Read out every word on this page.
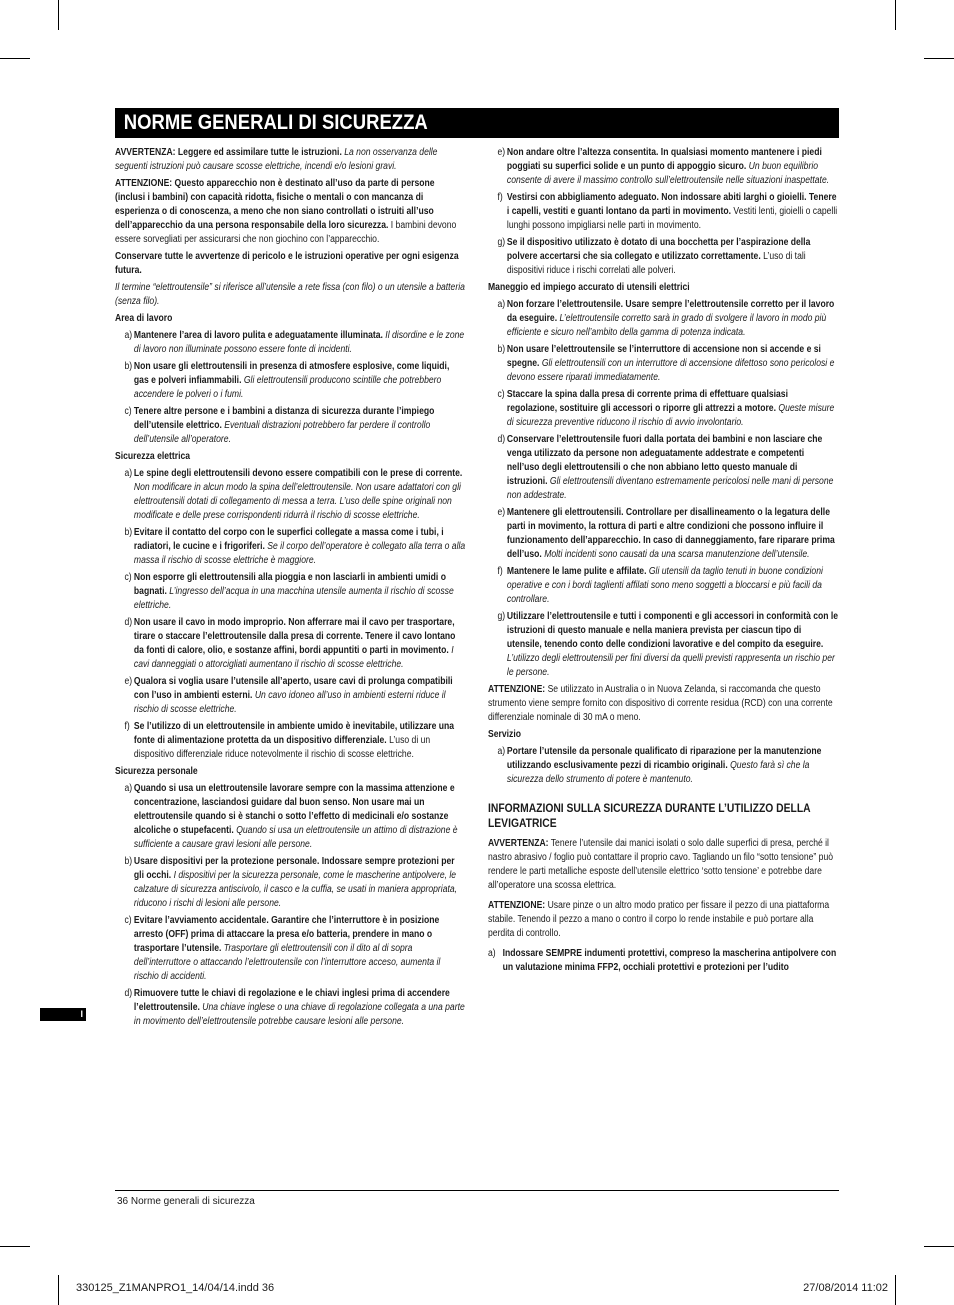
NORME GENERALI DI SICUREZZA

AVVERTENZA: Leggere ed assimilare tutte le istruzioni. La non osservanza delle seguenti istruzioni può causare scosse elettriche, incendi e/o lesioni gravi.

ATTENZIONE: Questo apparecchio non è destinato all’uso da parte di persone (inclusi i bambini) con capacità ridotta, fisiche o mentali o con mancanza di esperienza o di conoscenza, a meno che non siano controllati o istruiti all’uso dell’apparecchio da una persona responsabile della loro sicurezza. I bambini devono essere sorvegliati per assicurarsi che non giochino con l’apparecchio.

Conservare tutte le avvertenze di pericolo e le istruzioni operative per ogni esigenza futura.

Il termine “elettroutensile” si riferisce all’utensile a rete fissa (con filo) o un utensile a batteria (senza filo).

Area di lavoro
a) Mantenere l’area di lavoro pulita e adeguatamente illuminata. Il disordine e le zone di lavoro non illuminate possono essere fonte di incidenti.
b) Non usare gli elettroutensili in presenza di atmosfere esplosive, come liquidi, gas e polveri infiammabili. Gli elettroutensili producono scintille che potrebbero accendere le polveri o i fumi.
c) Tenere altre persone e i bambini a distanza di sicurezza durante l’impiego dell’utensile elettrico. Eventuali distrazioni potrebbero far perdere il controllo dell’utensile all’operatore.
Sicurezza elettrica
a) Le spine degli elettroutensili devono essere compatibili con le prese di corrente. Non modificare in alcun modo la spina dell’elettroutensile. Non usare adattatori con gli elettroutensili dotati di collegamento di messa a terra. L’uso delle spine originali non modificate e delle prese corrispondenti ridurrà il rischio di scosse elettriche.
b) Evitare il contatto del corpo con le superfici collegate a massa come i tubi, i radiatori, le cucine e i frigoriferi. Se il corpo dell’operatore è collegato alla terra o alla massa il rischio di scosse elettriche è maggiore.
c) Non esporre gli elettroutensili alla pioggia e non lasciarli in ambienti umidi o bagnati. L’ingresso dell’acqua in una macchina utensile aumenta il rischio di scosse elettriche.
d) Non usare il cavo in modo improprio. Non afferrare mai il cavo per trasportare, tirare o staccare l’elettroutensile dalla presa di corrente. Tenere il cavo lontano da fonti di calore, olio, e sostanze affini, bordi appuntiti o parti in movimento. I cavi danneggiati o attorcigliati aumentano il rischio di scosse elettriche.
e) Qualora si voglia usare l’utensile all’aperto, usare cavi di prolunga compatibili con l’uso in ambienti esterni. Un cavo idoneo all’uso in ambienti esterni riduce il rischio di scosse elettriche.
f) Se l’utilizzo di un elettroutensile in ambiente umido è inevitabile, utilizzare una fonte di alimentazione protetta da un dispositivo differenziale. L’uso di un dispositivo differenziale riduce notevolmente il rischio di scosse elettriche.
Sicurezza personale
a) Quando si usa un elettroutensile lavorare sempre con la massima attenzione e concentrazione, lasciandosi guidare dal buon senso. Non usare mai un elettroutensile quando si è stanchi o sotto l’effetto di medicinali e/o sostanze alcoliche o stupefacenti. Quando si usa un elettroutensile un attimo di distrazione è sufficiente a causare gravi lesioni alle persone.
b) Usare dispositivi per la protezione personale. Indossare sempre protezioni per gli occhi. I dispositivi per la sicurezza personale, come le mascherine antipolvere, le calzature di sicurezza antiscivolo, il casco e la cuffia, se usati in maniera appropriata, riducono i rischi di lesioni alle persone.
c) Evitare l’avviamento accidentale. Garantire che l’interruttore è in posizione arresto (OFF) prima di attaccare la presa e/o batteria, prendere in mano o trasportare l’utensile. Trasportare gli elettroutensili con il dito al di sopra dell’interruttore o attaccando l’elettroutensile con l’interruttore acceso, aumenta il rischio di accidenti.
d) Rimuovere tutte le chiavi di regolazione e le chiavi inglesi prima di accendere l’elettroutensile. Una chiave inglese o una chiave di regolazione collegata a una parte in movimento dell’elettroutensile potrebbe causare lesioni alle persone.
e) Non andare oltre l’altezza consentita. In qualsiasi momento mantenere i piedi poggiati su superfici solide e un punto di appoggio sicuro. Un buon equilibrio consente di avere il massimo controllo sull’elettroutensile nelle situazioni inaspettate.
f) Vestirsi con abbigliamento adeguato. Non indossare abiti larghi o gioielli. Tenere i capelli, vestiti e guanti lontano da parti in movimento. Vestiti lenti, gioielli o capelli lunghi possono impigliarsi nelle parti in movimento.
g) Se il dispositivo utilizzato è dotato di una bocchetta per l’aspirazione della polvere accertarsi che sia collegato e utilizzato correttamente. L’uso di tali dispositivi riduce i rischi correlati alle polveri.
Maneggio ed impiego accurato di utensili elettrici
a) Non forzare l’elettroutensile. Usare sempre l’elettroutensile corretto per il lavoro da eseguire. L’elettroutensile corretto sarà in grado di svolgere il lavoro in modo più efficiente e sicuro nell’ambito della gamma di potenza indicata.
b) Non usare l’elettroutensile se l’interruttore di accensione non si accende e si spegne. Gli elettroutensili con un interruttore di accensione difettoso sono pericolosi e devono essere riparati immediatamente.
c) Staccare la spina dalla presa di corrente prima di effettuare qualsiasi regolazione, sostituire gli accessori o riporre gli attrezzi a motore. Queste misure di sicurezza preventive riducono il rischio di avvio involontario.
d) Conservare l’elettroutensile fuori dalla portata dei bambini e non lasciare che venga utilizzato da persone non adeguatamente addestrate e competenti nell’uso degli elettroutensili o che non abbiano letto questo manuale di istruzioni. Gli elettroutensili diventano estremamente pericolosi nelle mani di persone non addestrate.
e) Mantenere gli elettroutensili. Controllare per disallineamento o la legatura delle parti in movimento, la rottura di parti e altre condizioni che possono influire il funzionamento dell’apparecchio. In caso di danneggiamento, fare riparare prima dell’uso. Molti incidenti sono causati da una scarsa manutenzione dell’utensile.
f) Mantenere le lame pulite e affilate. Gli utensili da taglio tenuti in buone condizioni operative e con i bordi taglienti affilati sono meno soggetti a bloccarsi e più facili da controllare.
g) Utilizzare l’elettroutensile e tutti i componenti e gli accessori in conformità con le istruzioni di questo manuale e nella maniera prevista per ciascun tipo di utensile, tenendo conto delle condizioni lavorative e del compito da eseguire. L’utilizzo degli elettroutensili per fini diversi da quelli previsti rappresenta un rischio per le persone.

ATTENZIONE: Se utilizzato in Australia o in Nuova Zelanda, si raccomanda che questo strumento viene sempre fornito con dispositivo di corrente residua (RCD) con una corrente differenziale nominale di 30 mA o meno.

Servizio
a) Portare l’utensile da personale qualificato di riparazione per la manutenzione utilizzando esclusivamente pezzi di ricambio originali. Questo farà sì che la sicurezza dello strumento di potere è mantenuto.
INFORMAZIONI SULLA SICUREZZA DURANTE L’UTILIZZO DELLA LEVIGATRICE

AVVERTENZA: Tenere l’utensile dai manici isolati o solo dalle superfici di presa, perché il nastro abrasivo / foglio può contattare il proprio cavo. Tagliando un filo “sotto tensione” può rendere le parti metalliche esposte dell’utensile elettrico ‘sotto tensione’ e potrebbe dare all’operatore una scossa elettrica.

ATTENZIONE: Usare pinze o un altro modo pratico per fissare il pezzo di una piattaforma stabile. Tenendo il pezzo a mano o contro il corpo lo rende instabile e può portare alla perdita di controllo.

a) Indossare SEMPRE indumenti protettivi, compreso la mascherina antipolvere con un valutazione minima FFP2, occhiali protettivi e protezioni per l’udito
I
36 Norme generali di sicurezza
330125_Z1MANPRO1_14/04/14.indd 36	27/08/2014 11:02
